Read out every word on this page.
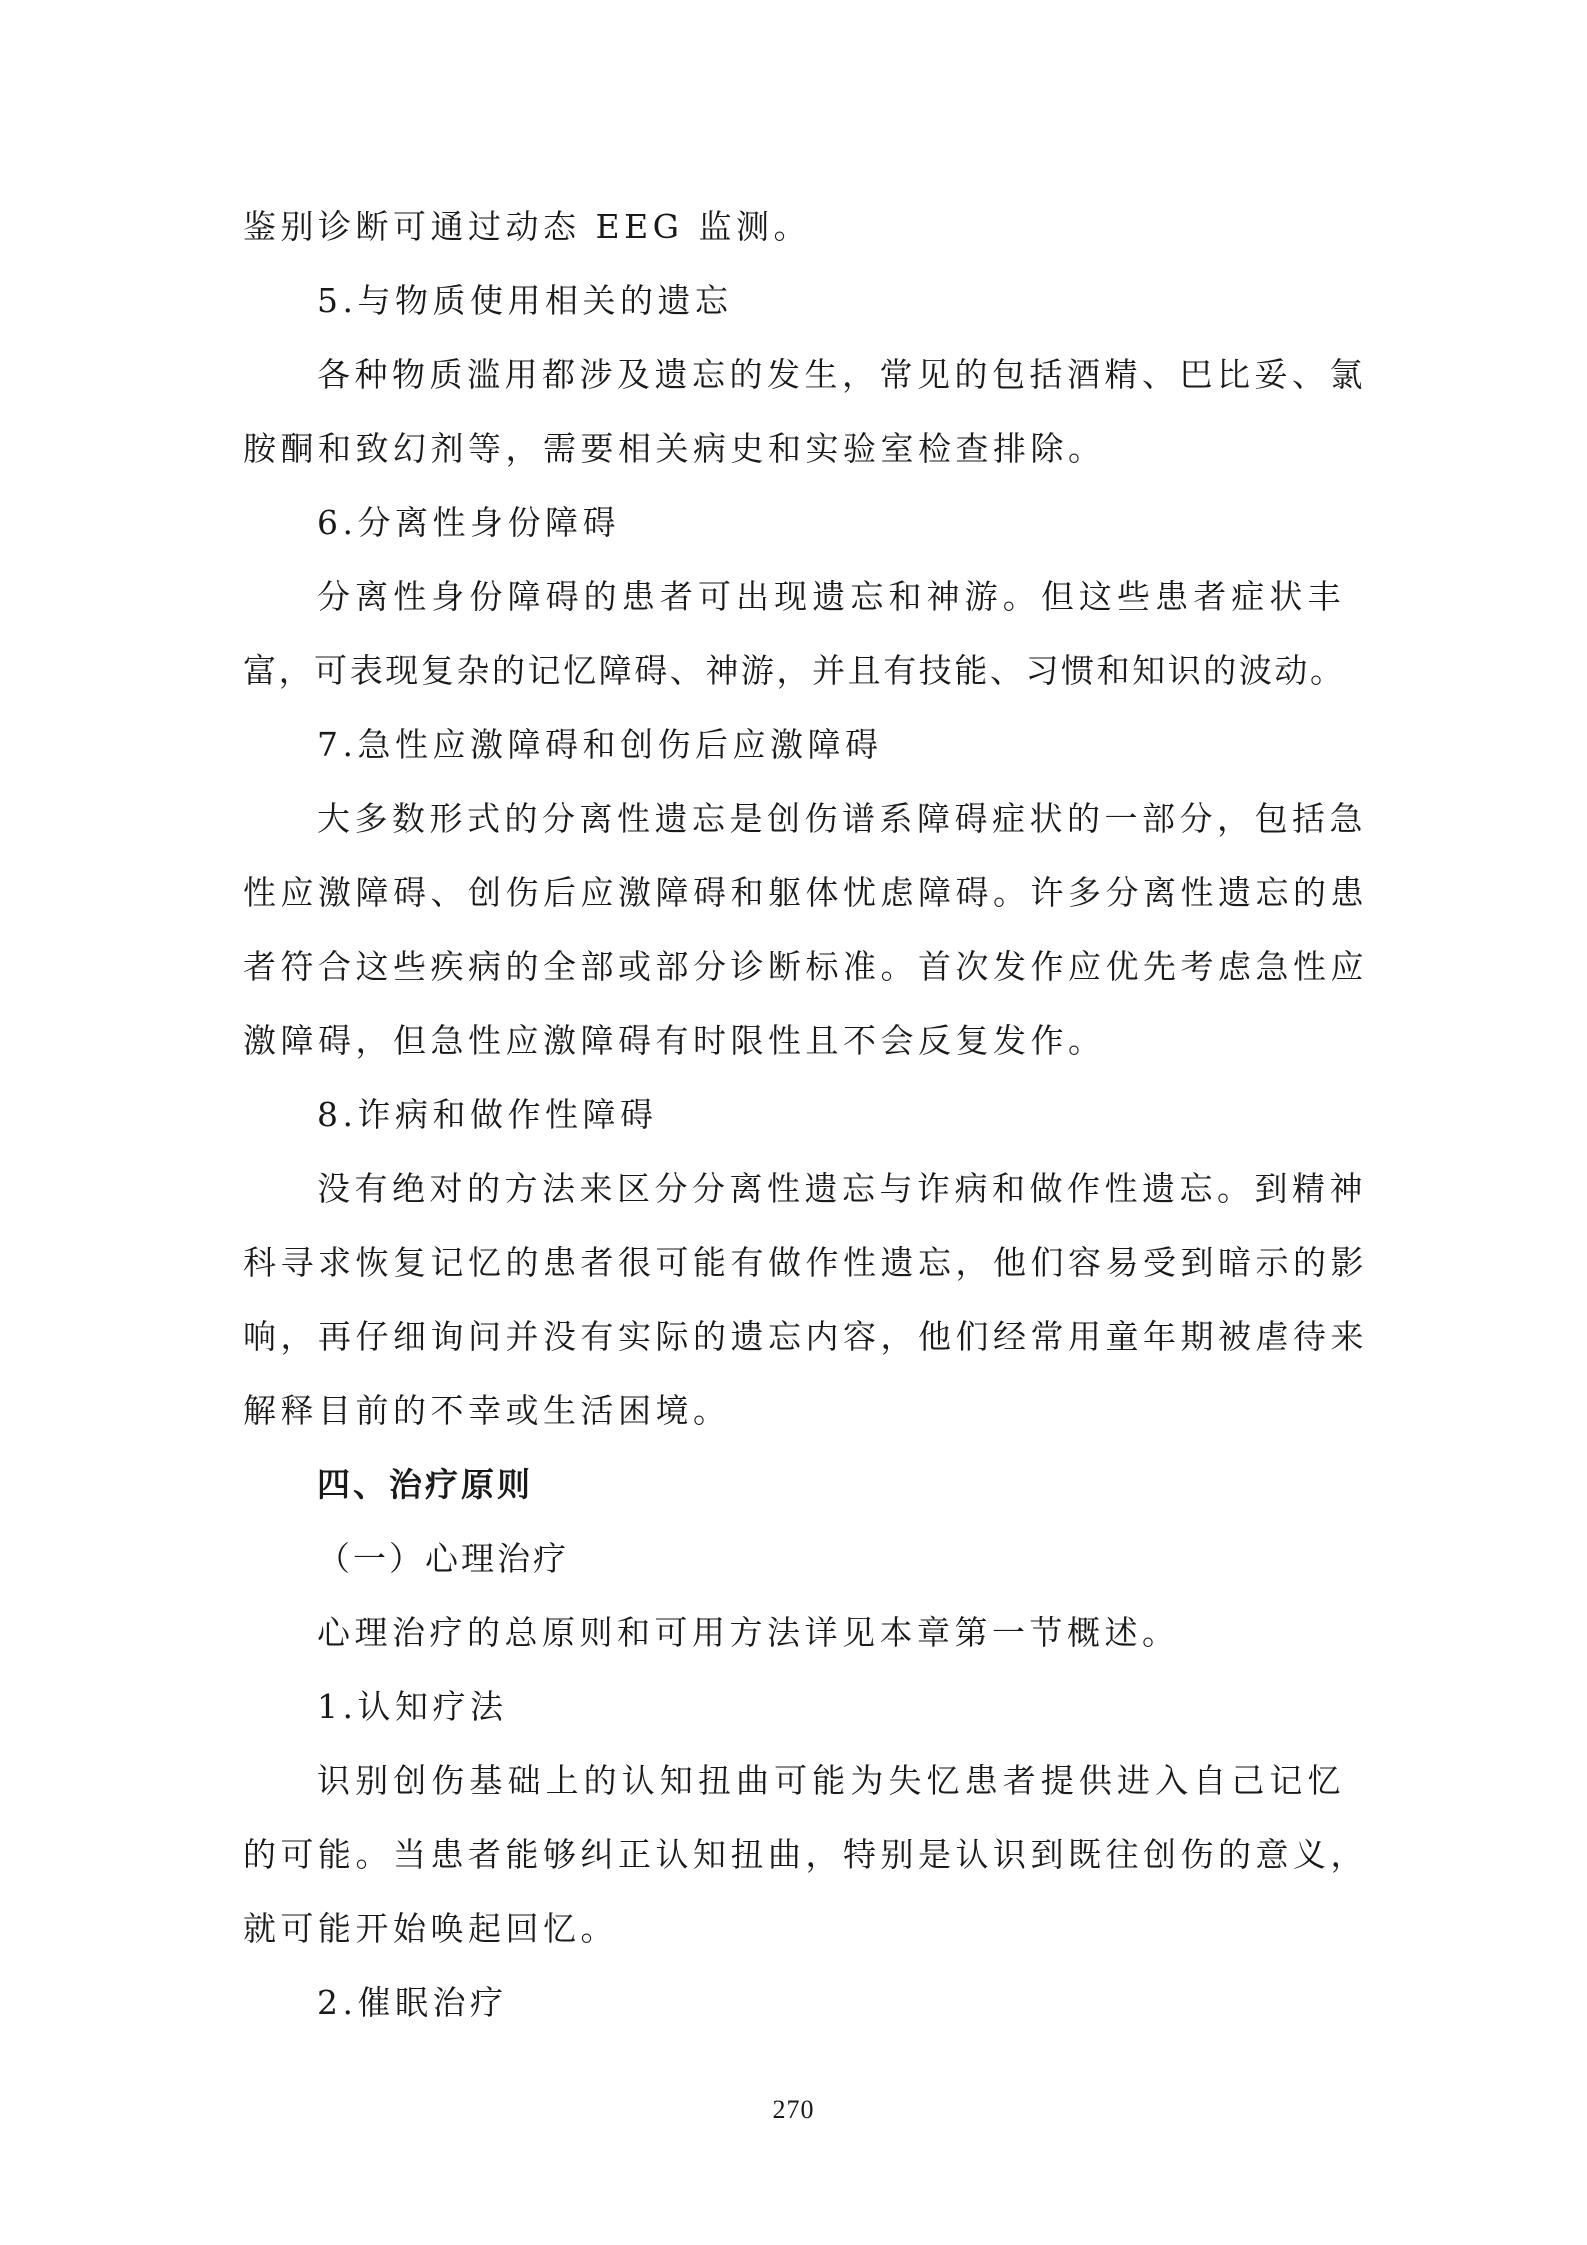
鉴别诊断可通过动态 EEG 监测。
5.与物质使用相关的遗忘
各种物质滥用都涉及遗忘的发生，常见的包括酒精、巴比妥、氯
胺酮和致幻剂等，需要相关病史和实验室检查排除。
6.分离性身份障碍
分离性身份障碍的患者可出现遗忘和神游。但这些患者症状丰
富，可表现复杂的记忆障碍、神游，并且有技能、习惯和知识的波动。
7.急性应激障碍和创伤后应激障碍
大多数形式的分离性遗忘是创伤谱系障碍症状的一部分，包括急
性应激障碍、创伤后应激障碍和躯体忧虑障碍。许多分离性遗忘的患
者符合这些疾病的全部或部分诊断标准。首次发作应优先考虑急性应
激障碍，但急性应激障碍有时限性且不会反复发作。
8.诈病和做作性障碍
没有绝对的方法来区分分离性遗忘与诈病和做作性遗忘。到精神
科寻求恢复记忆的患者很可能有做作性遗忘，他们容易受到暗示的影
响，再仔细询问并没有实际的遗忘内容，他们经常用童年期被虐待来
解释目前的不幸或生活困境。
四、治疗原则
（一）心理治疗
心理治疗的总原则和可用方法详见本章第一节概述。
1.认知疗法
识别创伤基础上的认知扭曲可能为失忆患者提供进入自己记忆
的可能。当患者能够纠正认知扭曲，特别是认识到既往创伤的意义，
就可能开始唤起回忆。
2.催眠治疗
270
